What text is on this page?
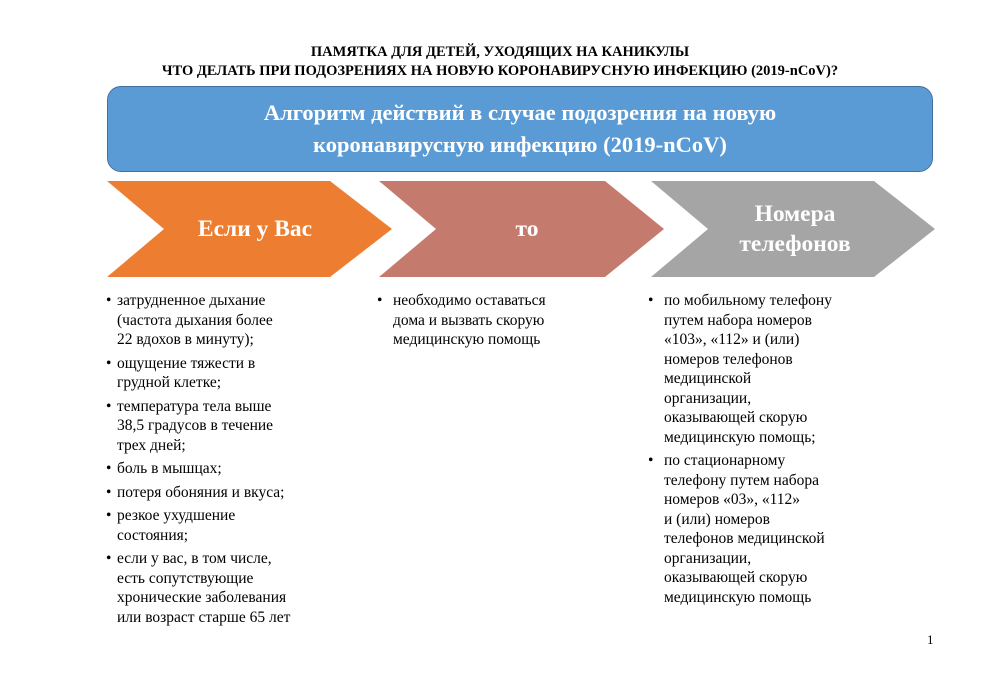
ПАМЯТКА ДЛЯ ДЕТЕЙ, УХОДЯЩИХ НА КАНИКУЛЫ
ЧТО ДЕЛАТЬ ПРИ ПОДОЗРЕНИЯХ НА НОВУЮ КОРОНАВИРУСНУЮ ИНФЕКЦИЮ (2019-nCoV)?
Алгоритм действий в случае подозрения на новую
коронавирусную инфекцию (2019-nCoV)
Если у Вас	то
Номера
телефонов
• затрудненное дыхание
(частота дыхания более
22 вдохов в минуту);
• ощущение тяжести в
грудной клетке;
• температура тела выше
38,5 градусов в течение
трех дней;
• боль в мышцах;
• потеря обоняния и вкуса;
• резкое ухудшение
состояния;
• если у вас, в том числе,
есть сопутствующие
хронические заболевания
или возраст старше 65 лет
• необходимо оставаться
дома и вызвать скорую
медицинскую помощь
• по мобильному телефону
путем набора номеров
«103», «112» и (или)
номеров телефонов
медицинской
организации,
оказывающей скорую
медицинскую помощь;
• по стационарному
телефону путем набора
номеров «03», «112»
и (или) номеров
телефонов медицинской
организации,
оказывающей скорую
медицинскую помощь
1
